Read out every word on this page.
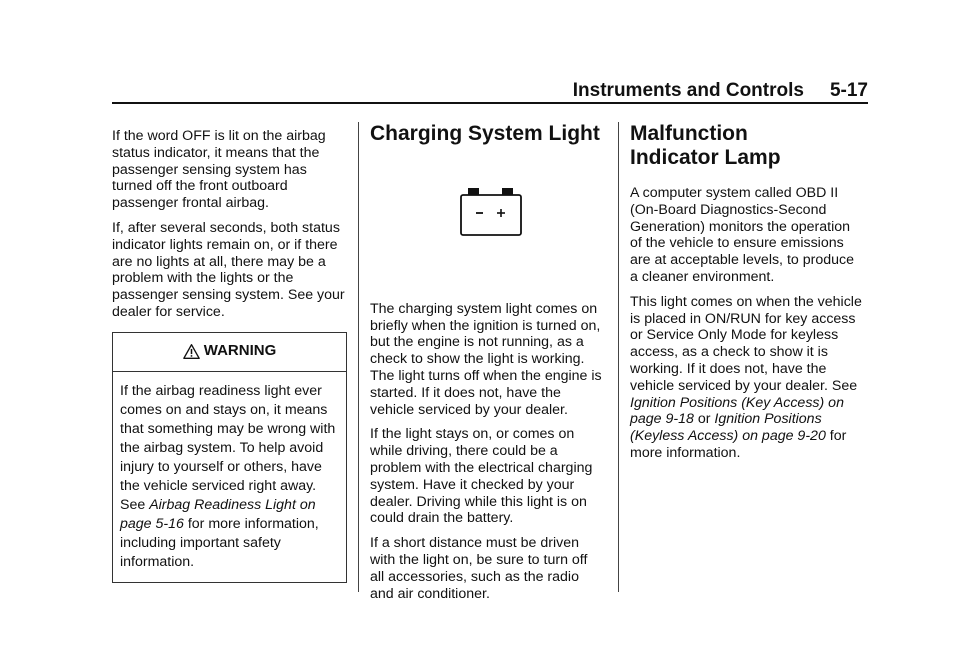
Instruments and Controls 5-17

If the word OFF is lit on the airbag status indicator, it means that the passenger sensing system has turned off the front outboard passenger frontal airbag.

If, after several seconds, both status indicator lights remain on, or if there are no lights at all, there may be a problem with the lights or the passenger sensing system. See your dealer for service.

WARNING
If the airbag readiness light ever comes on and stays on, it means that something may be wrong with the airbag system. To help avoid injury to yourself or others, have the vehicle serviced right away. See Airbag Readiness Light on page 5-16 for more information, including important safety information.
Charging System Light

The charging system light comes on briefly when the ignition is turned on, but the engine is not running, as a check to show the light is working. The light turns off when the engine is started. If it does not, have the vehicle serviced by your dealer.

If the light stays on, or comes on while driving, there could be a problem with the electrical charging system. Have it checked by your dealer. Driving while this light is on could drain the battery.

If a short distance must be driven with the light on, be sure to turn off all accessories, such as the radio and air conditioner.

Malfunction
Indicator Lamp

A computer system called OBD II (On-Board Diagnostics-Second Generation) monitors the operation of the vehicle to ensure emissions are at acceptable levels, to produce a cleaner environment.

This light comes on when the vehicle is placed in ON/RUN for key access or Service Only Mode for keyless access, as a check to show it is working. If it does not, have the vehicle serviced by your dealer. See Ignition Positions (Key Access) on page 9-18 or Ignition Positions (Keyless Access) on page 9-20 for more information.
